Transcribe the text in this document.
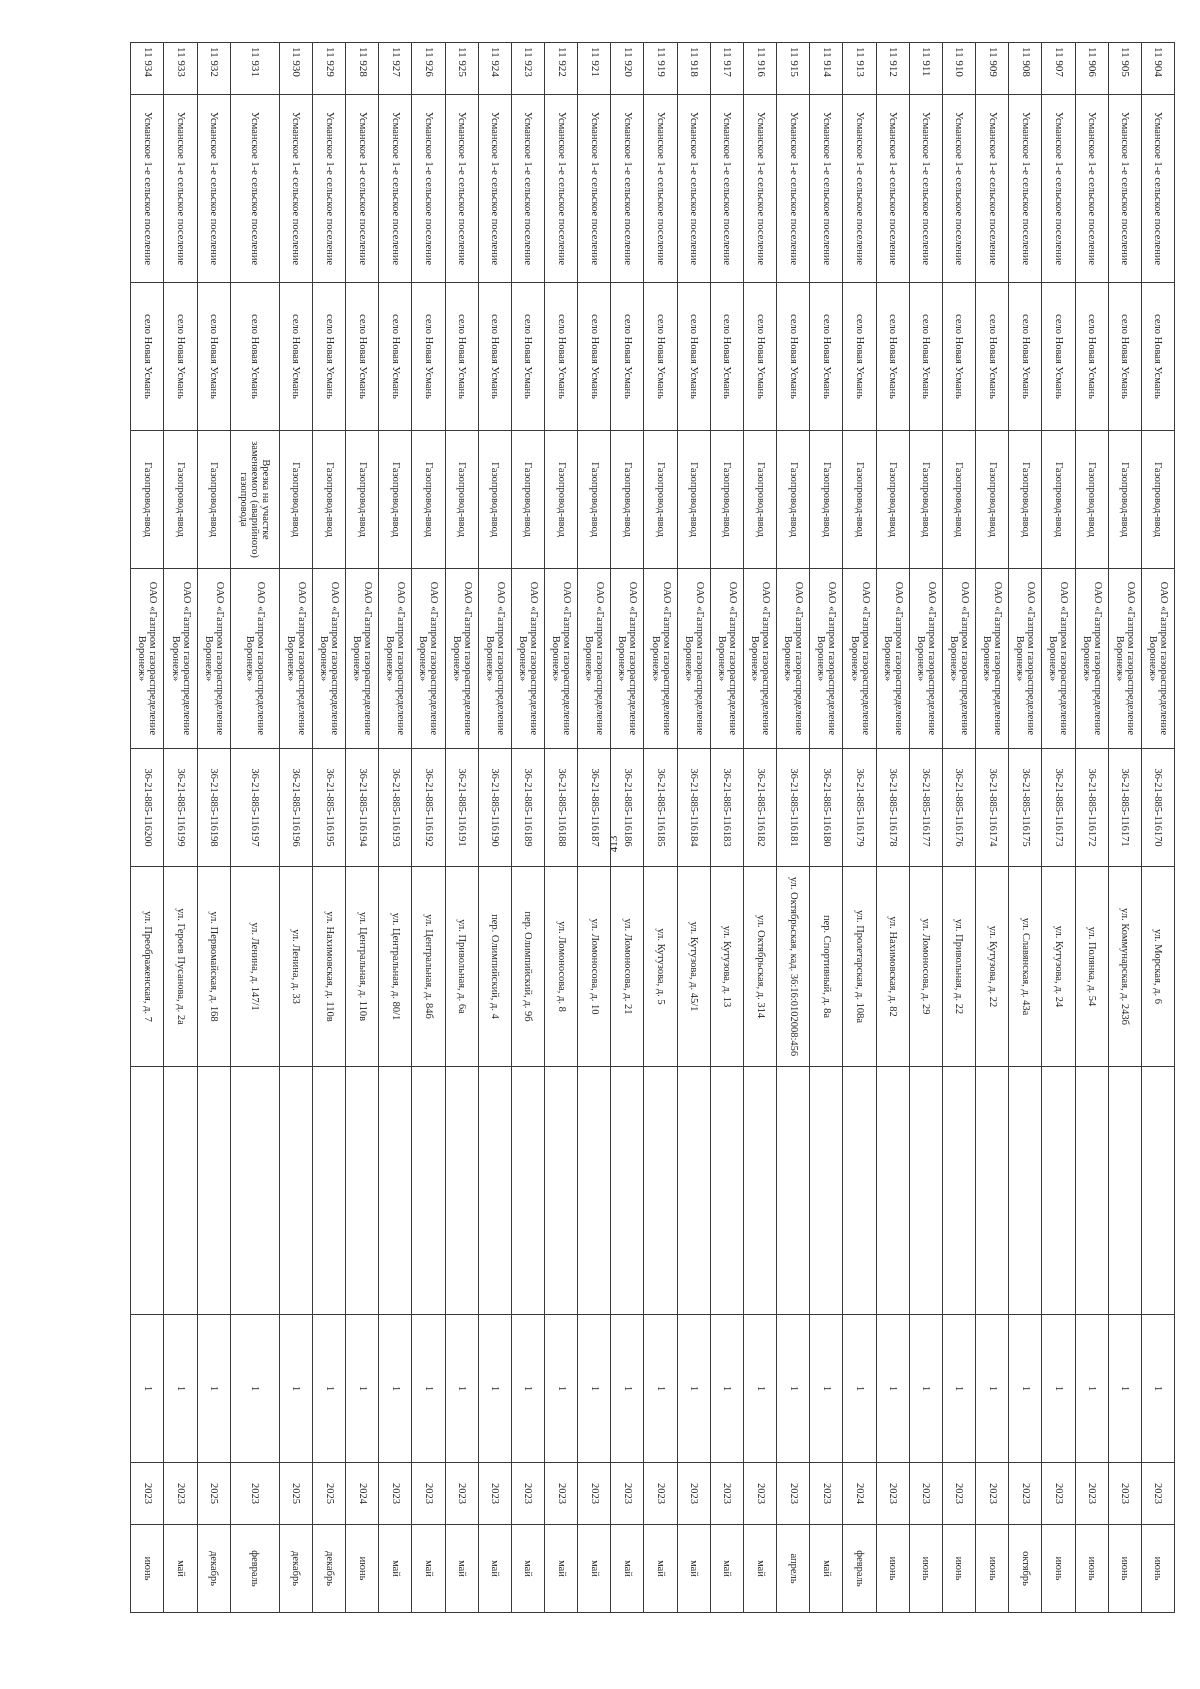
413
11 904	Усманское 1-е сельское поселение	село Новая Усмань	Газопровод-ввод	ОАО «Газпром газораспределение Воронеж»	36-21-885-116170	ул. Морская, д. 6		1	2023	июнь
11 905	Усманское 1-е сельское поселение	село Новая Усмань	Газопровод-ввод	ОАО «Газпром газораспределение Воронеж»	36-21-885-116171	ул. Коммунарская, д. 243б		1	2023	июнь
11 906	Усманское 1-е сельское поселение	село Новая Усмань	Газопровод-ввод	ОАО «Газпром газораспределение Воронеж»	36-21-885-116172	ул. Полянка, д. 54		1	2023	июнь
11 907	Усманское 1-е сельское поселение	село Новая Усмань	Газопровод-ввод	ОАО «Газпром газораспределение Воронеж»	36-21-885-116173	ул. Кутузова, д. 24		1	2023	июнь
11 908	Усманское 1-е сельское поселение	село Новая Усмань	Газопровод-ввод	ОАО «Газпром газораспределение Воронеж»	36-21-885-116175	ул. Славянская, д. 43а		1	2023	октябрь
11 909	Усманское 1-е сельское поселение	село Новая Усмань	Газопровод-ввод	ОАО «Газпром газораспределение Воронеж»	36-21-885-116174	ул. Кутузова, д. 22		1	2023	июнь
11 910	Усманское 1-е сельское поселение	село Новая Усмань	Газопровод-ввод	ОАО «Газпром газораспределение Воронеж»	36-21-885-116176	ул. Привольная, д. 22		1	2023	июнь
11 911	Усманское 1-е сельское поселение	село Новая Усмань	Газопровод-ввод	ОАО «Газпром газораспределение Воронеж»	36-21-885-116177	ул. Ломоносова, д. 29		1	2023	июнь
11 912	Усманское 1-е сельское поселение	село Новая Усмань	Газопровод-ввод	ОАО «Газпром газораспределение Воронеж»	36-21-885-116178	ул. Нахимовская, д. 82		1	2023	июнь
11 913	Усманское 1-е сельское поселение	село Новая Усмань	Газопровод-ввод	ОАО «Газпром газораспределение Воронеж»	36-21-885-116179	ул. Пролетарская, д. 108а		1	2024	февраль
11 914	Усманское 1-е сельское поселение	село Новая Усмань	Газопровод-ввод	ОАО «Газпром газораспределение Воронеж»	36-21-885-116180	пер. Спортивный, д. 8а		1	2023	май
11 915	Усманское 1-е сельское поселение	село Новая Усмань	Газопровод-ввод	ОАО «Газпром газораспределение Воронеж»	36-21-885-116181	ул. Октябрьская, кад. 36:16:0102008:456		1	2023	апрель
11 916	Усманское 1-е сельское поселение	село Новая Усмань	Газопровод-ввод	ОАО «Газпром газораспределение Воронеж»	36-21-885-116182	ул. Октябрьская, д. 314		1	2023	май
11 917	Усманское 1-е сельское поселение	село Новая Усмань	Газопровод-ввод	ОАО «Газпром газораспределение Воронеж»	36-21-885-116183	ул. Кутузова, д. 13		1	2023	май
11 918	Усманское 1-е сельское поселение	село Новая Усмань	Газопровод-ввод	ОАО «Газпром газораспределение Воронеж»	36-21-885-116184	ул. Кутузова, д. 45/1		1	2023	май
11 919	Усманское 1-е сельское поселение	село Новая Усмань	Газопровод-ввод	ОАО «Газпром газораспределение Воронеж»	36-21-885-116185	ул. Кутузова, д. 5		1	2023	май
11 920	Усманское 1-е сельское поселение	село Новая Усмань	Газопровод-ввод	ОАО «Газпром газораспределение Воронеж»	36-21-885-116186	ул. Ломоносова, д. 21		1	2023	май
11 921	Усманское 1-е сельское поселение	село Новая Усмань	Газопровод-ввод	ОАО «Газпром газораспределение Воронеж»	36-21-885-116187	ул. Ломоносова, д. 10		1	2023	май
11 922	Усманское 1-е сельское поселение	село Новая Усмань	Газопровод-ввод	ОАО «Газпром газораспределение Воронеж»	36-21-885-116188	ул. Ломоносова, д. 8		1	2023	май
11 923	Усманское 1-е сельское поселение	село Новая Усмань	Газопровод-ввод	ОАО «Газпром газораспределение Воронеж»	36-21-885-116189	пер. Олимпийский, д. 9б		1	2023	май
11 924	Усманское 1-е сельское поселение	село Новая Усмань	Газопровод-ввод	ОАО «Газпром газораспределение Воронеж»	36-21-885-116190	пер. Олимпийский, д. 4		1	2023	май
11 925	Усманское 1-е сельское поселение	село Новая Усмань	Газопровод-ввод	ОАО «Газпром газораспределение Воронеж»	36-21-885-116191	ул. Привольная, д. 6а		1	2023	май
11 926	Усманское 1-е сельское поселение	село Новая Усмань	Газопровод-ввод	ОАО «Газпром газораспределение Воронеж»	36-21-885-116192	ул. Центральная, д. 84б		1	2023	май
11 927	Усманское 1-е сельское поселение	село Новая Усмань	Газопровод-ввод	ОАО «Газпром газораспределение Воронеж»	36-21-885-116193	ул. Центральная, д. 80/1		1	2023	май
11 928	Усманское 1-е сельское поселение	село Новая Усмань	Газопровод-ввод	ОАО «Газпром газораспределение Воронеж»	36-21-885-116194	ул. Центральная, д. 110в		1	2024	июнь
11 929	Усманское 1-е сельское поселение	село Новая Усмань	Газопровод-ввод	ОАО «Газпром газораспределение Воронеж»	36-21-885-116195	ул. Нахимовская, д. 110в		1	2025	декабрь
11 930	Усманское 1-е сельское поселение	село Новая Усмань	Газопровод-ввод	ОАО «Газпром газораспределение Воронеж»	36-21-885-116196	ул. Ленина, д. 33		1	2025	декабрь
11 931	Усманское 1-е сельское поселение	село Новая Усмань	Врезка на участке заменяемого (аварийного) газопровода	ОАО «Газпром газораспределение Воронеж»	36-21-885-116197	ул. Ленина, д. 147/1		1	2023	февраль
11 932	Усманское 1-е сельское поселение	село Новая Усмань	Газопровод-ввод	ОАО «Газпром газораспределение Воронеж»	36-21-885-116198	ул. Первомайская, д. 168		1	2025	декабрь
11 933	Усманское 1-е сельское поселение	село Новая Усмань	Газопровод-ввод	ОАО «Газпром газораспределение Воронеж»	36-21-885-116199	ул. Героев Пусанова, д. 2а		1	2023	май
11 934	Усманское 1-е сельское поселение	село Новая Усмань	Газопровод-ввод	ОАО «Газпром газораспределение Воронеж»	36-21-885-116200	ул. Преображенская, д. 7		1	2023	июнь
